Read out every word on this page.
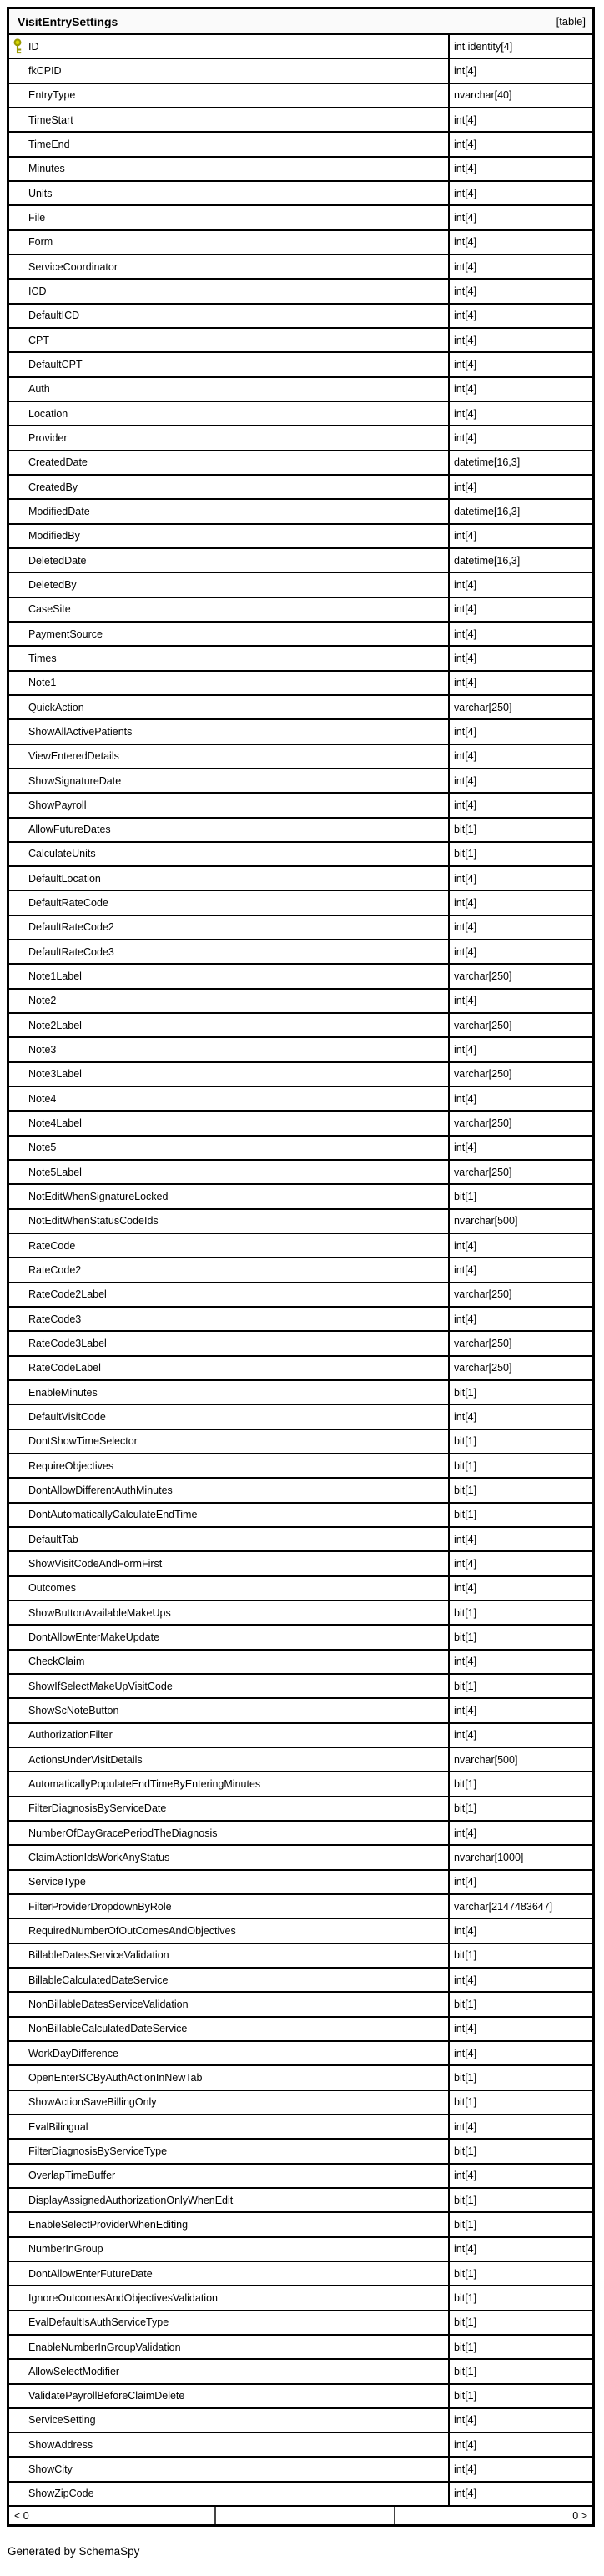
VisitEntrySettings	[table]
ID	int identity[4]
fkCPID	int[4]
EntryType	nvarchar[40]
TimeStart	int[4]
TimeEnd	int[4]
Minutes	int[4]
Units	int[4]
File	int[4]
Form	int[4]
ServiceCoordinator	int[4]
ICD	int[4]
DefaultICD	int[4]
CPT	int[4]
DefaultCPT	int[4]
Auth	int[4]
Location	int[4]
Provider	int[4]
CreatedDate	datetime[16,3]
CreatedBy	int[4]
ModifiedDate	datetime[16,3]
ModifiedBy	int[4]
DeletedDate	datetime[16,3]
DeletedBy	int[4]
CaseSite	int[4]
PaymentSource	int[4]
Times	int[4]
Note1	int[4]
QuickAction	varchar[250]
ShowAllActivePatients	int[4]
ViewEnteredDetails	int[4]
ShowSignatureDate	int[4]
ShowPayroll	int[4]
AllowFutureDates	bit[1]
CalculateUnits	bit[1]
DefaultLocation	int[4]
DefaultRateCode	int[4]
DefaultRateCode2	int[4]
DefaultRateCode3	int[4]
Note1Label	varchar[250]
Note2	int[4]
Note2Label	varchar[250]
Note3	int[4]
Note3Label	varchar[250]
Note4	int[4]
Note4Label	varchar[250]
Note5	int[4]
Note5Label	varchar[250]
NotEditWhenSignatureLocked	bit[1]
NotEditWhenStatusCodeIds	nvarchar[500]
RateCode	int[4]
RateCode2	int[4]
RateCode2Label	varchar[250]
RateCode3	int[4]
RateCode3Label	varchar[250]
RateCodeLabel	varchar[250]
EnableMinutes	bit[1]
DefaultVisitCode	int[4]
DontShowTimeSelector	bit[1]
RequireObjectives	bit[1]
DontAllowDifferentAuthMinutes	bit[1]
DontAutomaticallyCalculateEndTime	bit[1]
DefaultTab	int[4]
ShowVisitCodeAndFormFirst	int[4]
Outcomes	int[4]
ShowButtonAvailableMakeUps	bit[1]
DontAllowEnterMakeUpdate	bit[1]
CheckClaim	int[4]
ShowIfSelectMakeUpVisitCode	bit[1]
ShowScNoteButton	int[4]
AuthorizationFilter	int[4]
ActionsUnderVisitDetails	nvarchar[500]
AutomaticallyPopulateEndTimeByEnteringMinutes	bit[1]
FilterDiagnosisByServiceDate	bit[1]
NumberOfDayGracePeriodTheDiagnosis	int[4]
ClaimActionIdsWorkAnyStatus	nvarchar[1000]
ServiceType	int[4]
FilterProviderDropdownByRole	varchar[2147483647]
RequiredNumberOfOutComesAndObjectives	int[4]
BillableDatesServiceValidation	bit[1]
BillableCalculatedDateService	int[4]
NonBillableDatesServiceValidation	bit[1]
NonBillableCalculatedDateService	int[4]
WorkDayDifference	int[4]
OpenEnterSCByAuthActionInNewTab	bit[1]
ShowActionSaveBillingOnly	bit[1]
EvalBilingual	int[4]
FilterDiagnosisByServiceType	bit[1]
OverlapTimeBuffer	int[4]
DisplayAssignedAuthorizationOnlyWhenEdit	bit[1]
EnableSelectProviderWhenEditing	bit[1]
NumberInGroup	int[4]
DontAllowEnterFutureDate	bit[1]
IgnoreOutcomesAndObjectivesValidation	bit[1]
EvalDefaultIsAuthServiceType	bit[1]
EnableNumberInGroupValidation	bit[1]
AllowSelectModifier	bit[1]
ValidatePayrollBeforeClaimDelete	bit[1]
ServiceSetting	int[4]
ShowAddress	int[4]
ShowCity	int[4]
ShowZipCode	int[4]
< 0	0 >
Generated by SchemaSpy
